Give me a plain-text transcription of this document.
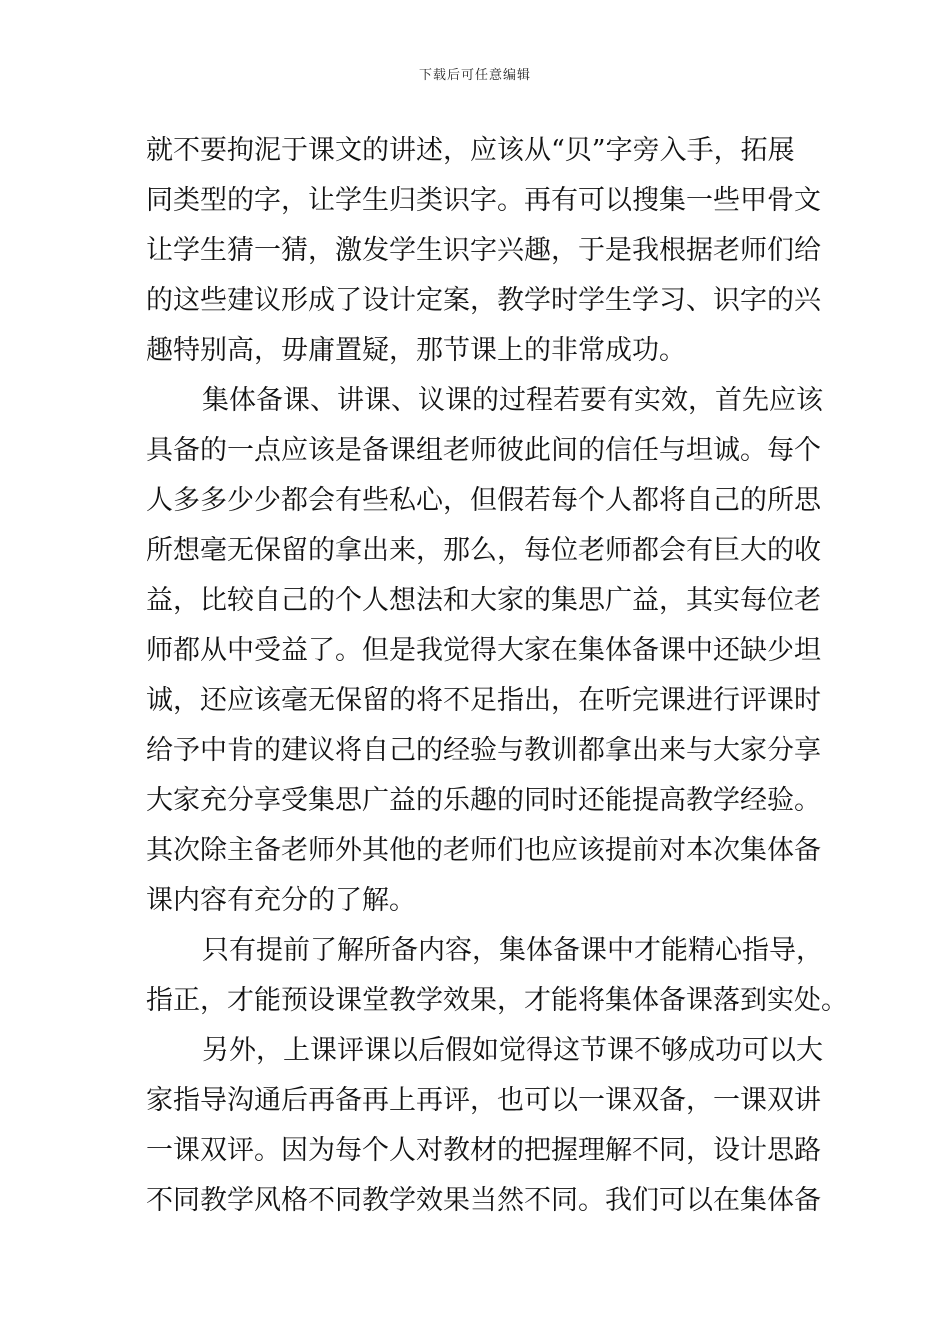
下载后可任意编辑

就不要拘泥于课文的讲述，应该从“贝”字旁入手，拓展
同类型的字，让学生归类识字。再有可以搜集一些甲骨文
让学生猜一猜，激发学生识字兴趣，于是我根据老师们给
的这些建议形成了设计定案，教学时学生学习、识字的兴
趣特别高，毋庸置疑，那节课上的非常成功。

集体备课、讲课、议课的过程若要有实效，首先应该
具备的一点应该是备课组老师彼此间的信任与坦诚。每个
人多多少少都会有些私心，但假若每个人都将自己的所思
所想毫无保留的拿出来，那么，每位老师都会有巨大的收
益，比较自己的个人想法和大家的集思广益，其实每位老
师都从中受益了。但是我觉得大家在集体备课中还缺少坦
诚，还应该毫无保留的将不足指出，在听完课进行评课时
给予中肯的建议将自己的经验与教训都拿出来与大家分享
大家充分享受集思广益的乐趣的同时还能提高教学经验。
其次除主备老师外其他的老师们也应该提前对本次集体备
课内容有充分的了解。

只有提前了解所备内容，集体备课中才能精心指导，
指正，才能预设课堂教学效果，才能将集体备课落到实处。

另外，上课评课以后假如觉得这节课不够成功可以大
家指导沟通后再备再上再评，也可以一课双备，一课双讲
一课双评。因为每个人对教材的把握理解不同，设计思路
不同教学风格不同教学效果当然不同。我们可以在集体备
